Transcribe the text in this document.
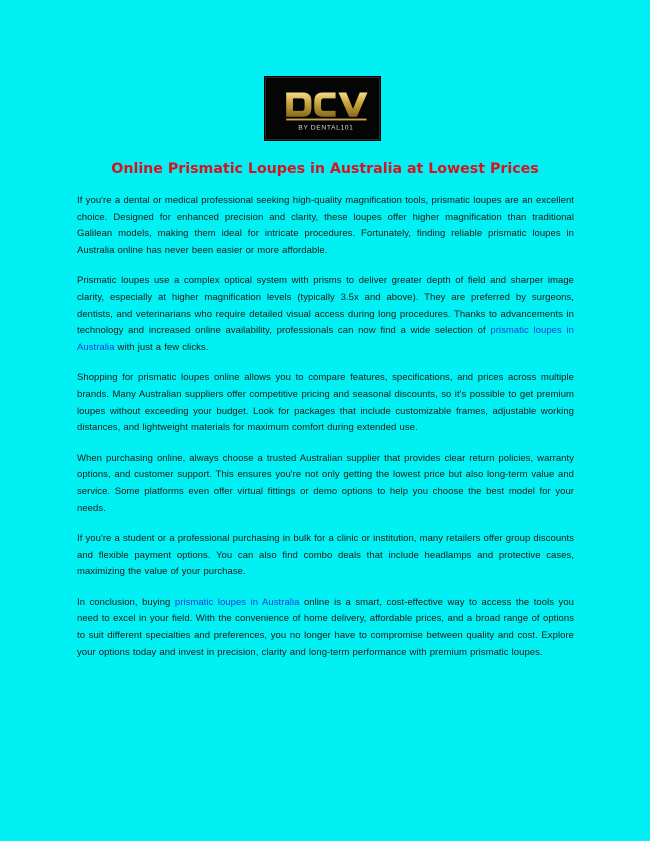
BY DENTAL101
Online Prismatic Loupes in Australia at Lowest Prices

If you're a dental or medical professional seeking high-quality magnification tools, prismatic loupes are an excellent choice. Designed for enhanced precision and clarity, these loupes offer higher magnification than traditional Galilean models, making them ideal for intricate procedures. Fortunately, finding reliable prismatic loupes in Australia online has never been easier or more affordable.

Prismatic loupes use a complex optical system with prisms to deliver greater depth of field and sharper image clarity, especially at higher magnification levels (typically 3.5x and above). They are preferred by surgeons, dentists, and veterinarians who require detailed visual access during long procedures. Thanks to advancements in technology and increased online availability, professionals can now find a wide selection of prismatic loupes in Australia with just a few clicks.

Shopping for prismatic loupes online allows you to compare features, specifications, and prices across multiple brands. Many Australian suppliers offer competitive pricing and seasonal discounts, so it's possible to get premium loupes without exceeding your budget. Look for packages that include customizable frames, adjustable working distances, and lightweight materials for maximum comfort during extended use.

When purchasing online, always choose a trusted Australian supplier that provides clear return policies, warranty options, and customer support. This ensures you're not only getting the lowest price but also long-term value and service. Some platforms even offer virtual fittings or demo options to help you choose the best model for your needs.

If you're a student or a professional purchasing in bulk for a clinic or institution, many retailers offer group discounts and flexible payment options. You can also find combo deals that include headlamps and protective cases, maximizing the value of your purchase.

In conclusion, buying prismatic loupes in Australia online is a smart, cost-effective way to access the tools you need to excel in your field. With the convenience of home delivery, affordable prices, and a broad range of options to suit different specialties and preferences, you no longer have to compromise between quality and cost. Explore your options today and invest in precision, clarity and long-term performance with premium prismatic loupes.
